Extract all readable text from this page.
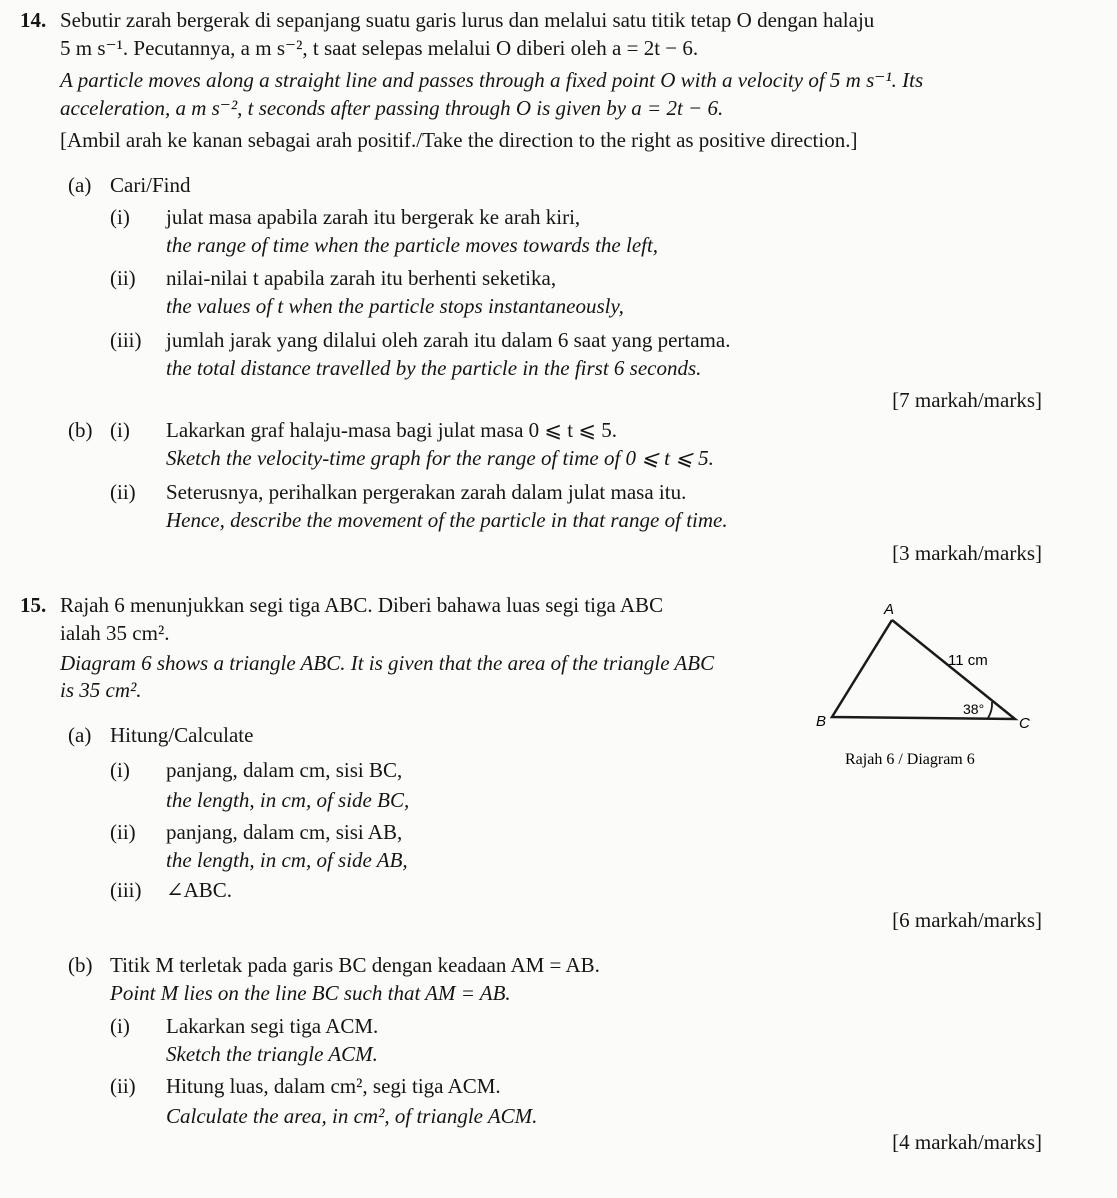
14. Sebutir zarah bergerak di sepanjang suatu garis lurus dan melalui satu titik tetap O dengan halaju
5 m s⁻¹. Pecutannya, a m s⁻², t saat selepas melalui O diberi oleh a = 2t − 6.
A particle moves along a straight line and passes through a fixed point O with a velocity of 5 m s⁻¹. Its
acceleration, a m s⁻², t seconds after passing through O is given by a = 2t − 6.
[Ambil arah ke kanan sebagai arah positif./Take the direction to the right as positive direction.]
(a) Cari/Find
(i) julat masa apabila zarah itu bergerak ke arah kiri,
the range of time when the particle moves towards the left,
(ii) nilai-nilai t apabila zarah itu berhenti seketika,
the values of t when the particle stops instantaneously,
(iii) jumlah jarak yang dilalui oleh zarah itu dalam 6 saat yang pertama.
the total distance travelled by the particle in the first 6 seconds.
[7 markah/marks]
(b) (i) Lakarkan graf halaju-masa bagi julat masa 0 ⩽ t ⩽ 5.
Sketch the velocity-time graph for the range of time of 0 ⩽ t ⩽ 5.
(ii) Seterusnya, perihalkan pergerakan zarah dalam julat masa itu.
Hence, describe the movement of the particle in that range of time.
[3 markah/marks]
15. Rajah 6 menunjukkan segi tiga ABC. Diberi bahawa luas segi tiga ABC
ialah 35 cm².
Diagram 6 shows a triangle ABC. It is given that the area of the triangle ABC
is 35 cm².
A
B	C
11 cm
38°
Rajah 6 / Diagram 6
(a) Hitung/Calculate
(i) panjang, dalam cm, sisi BC,
the length, in cm, of side BC,
(ii) panjang, dalam cm, sisi AB,
the length, in cm, of side AB,
(iii) ∠ABC.
[6 markah/marks]
(b) Titik M terletak pada garis BC dengan keadaan AM = AB.
Point M lies on the line BC such that AM = AB.
(i) Lakarkan segi tiga ACM.
Sketch the triangle ACM.
(ii) Hitung luas, dalam cm², segi tiga ACM.
Calculate the area, in cm², of triangle ACM.
[4 markah/marks]
